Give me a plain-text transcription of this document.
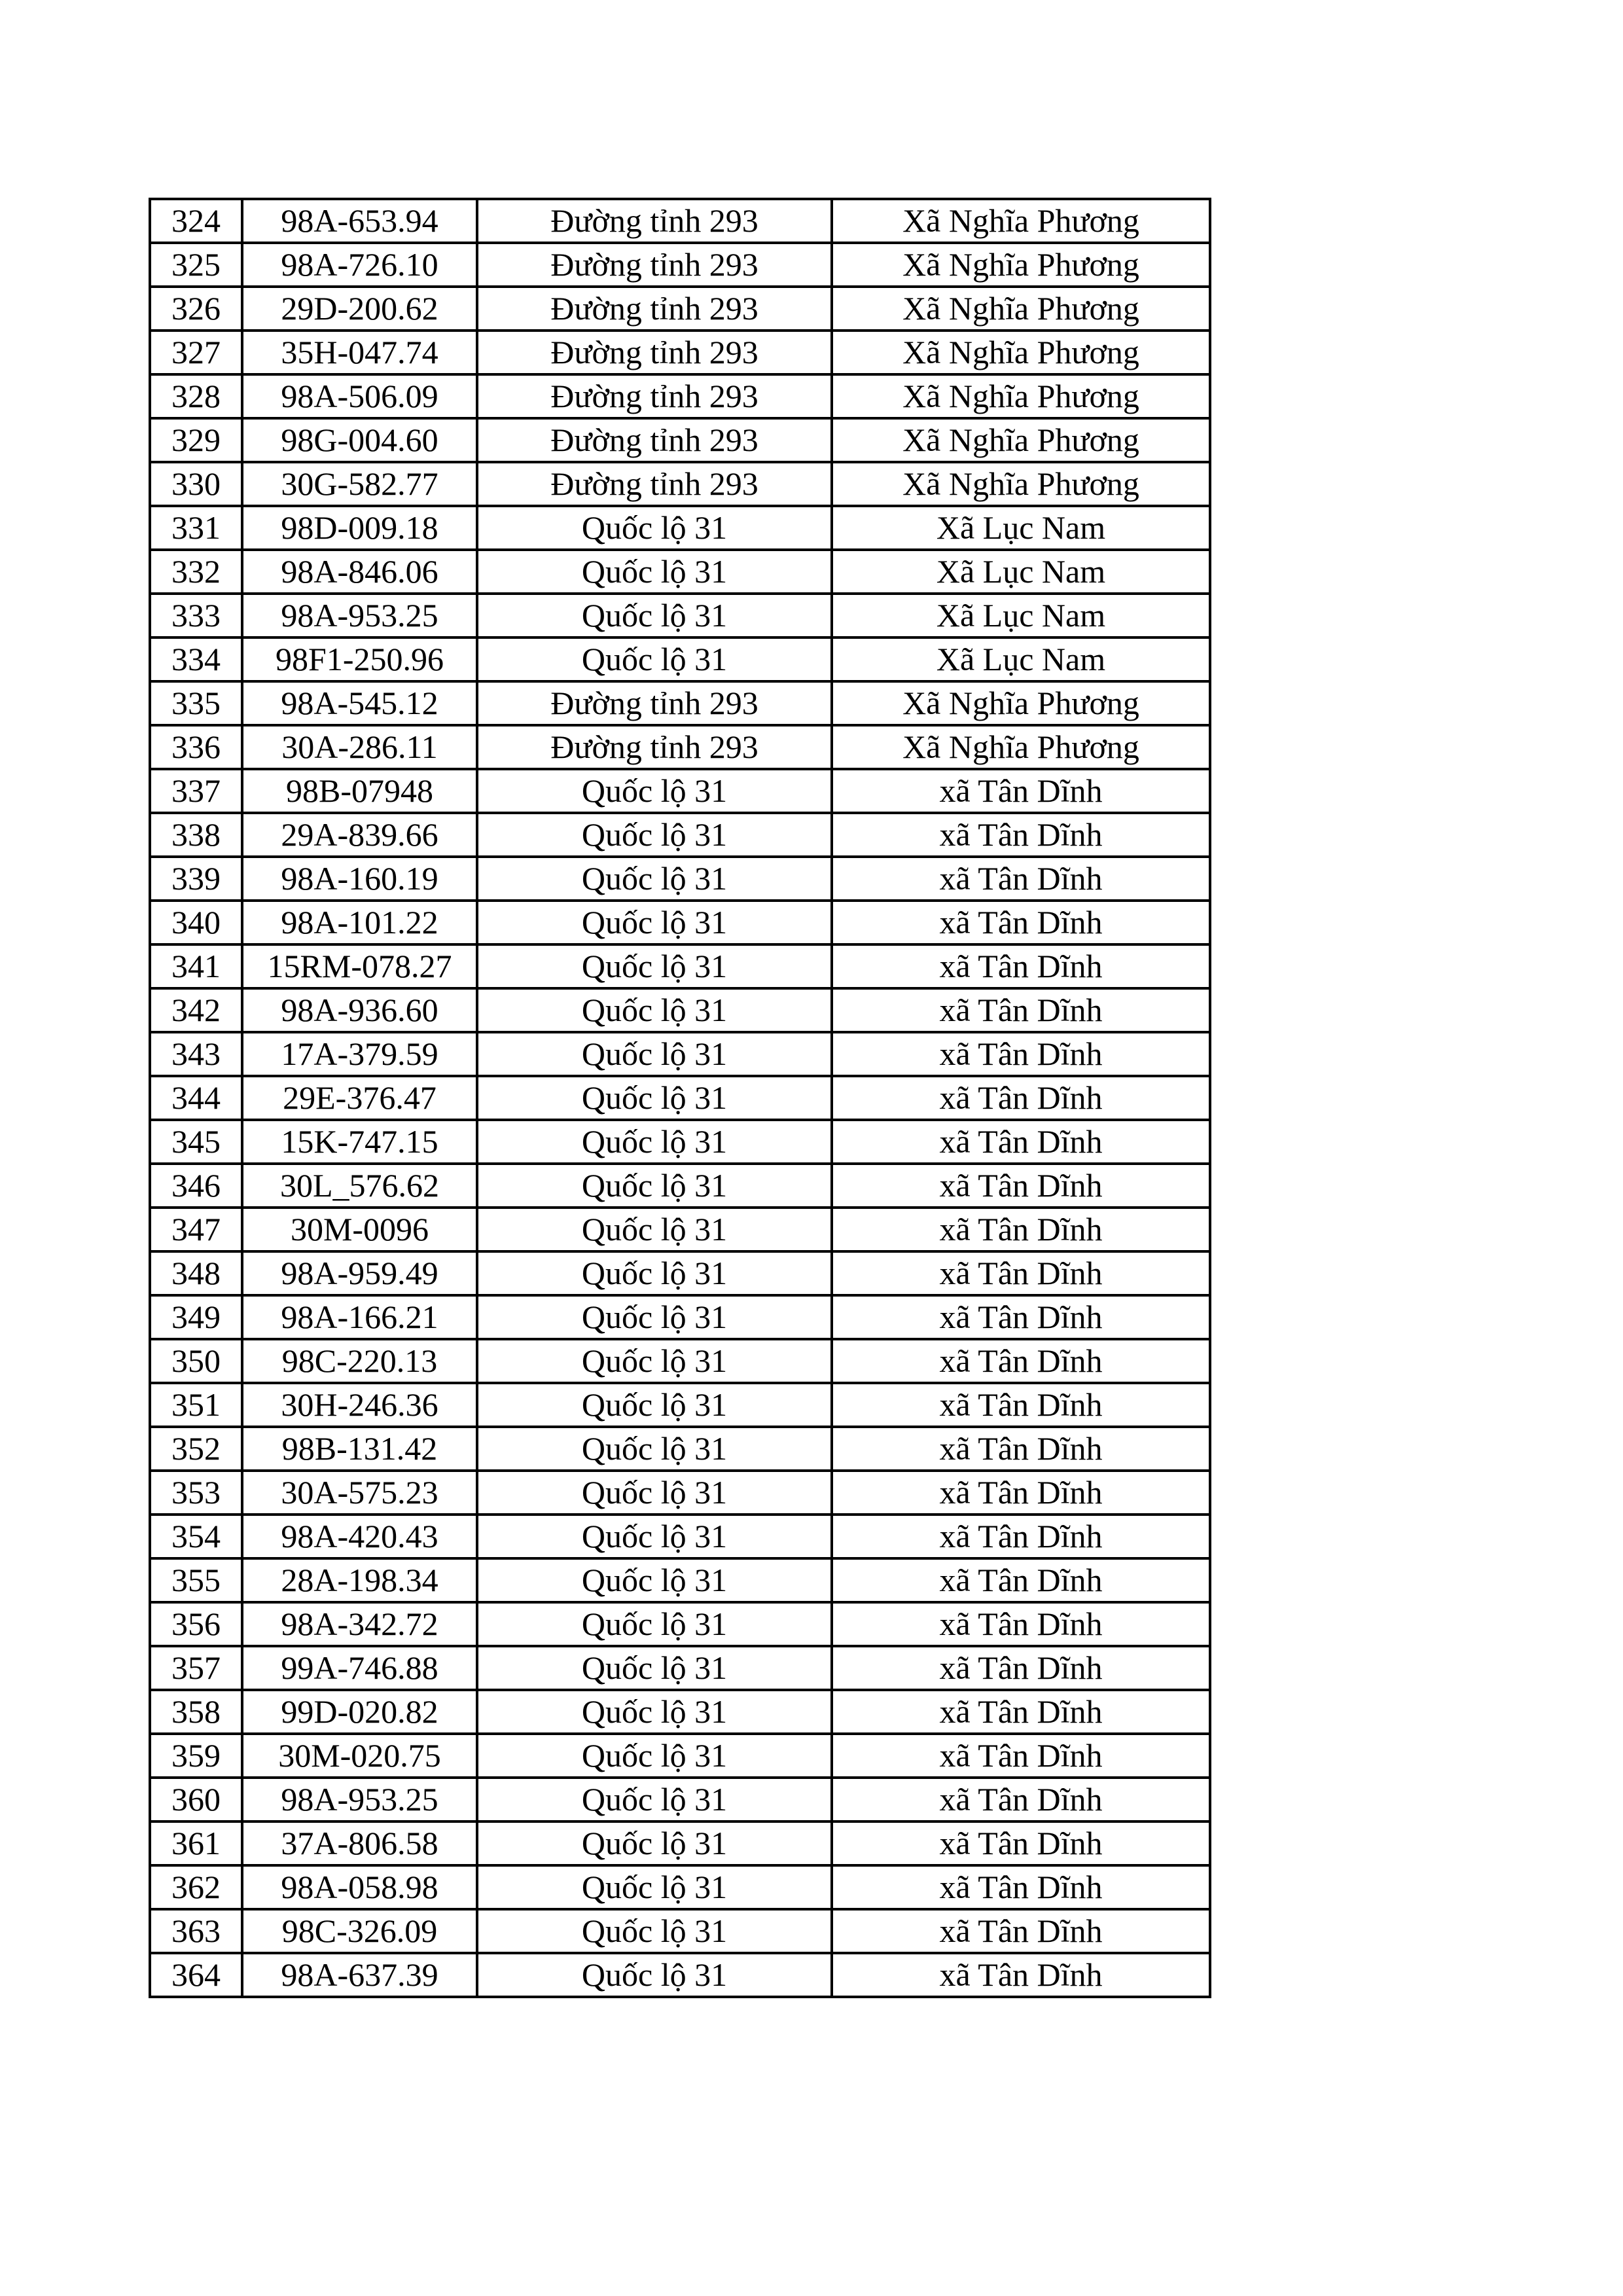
324	98A-653.94	Đường tỉnh 293	Xã Nghĩa Phương
325	98A-726.10	Đường tỉnh 293	Xã Nghĩa Phương
326	29D-200.62	Đường tỉnh 293	Xã Nghĩa Phương
327	35H-047.74	Đường tỉnh 293	Xã Nghĩa Phương
328	98A-506.09	Đường tỉnh 293	Xã Nghĩa Phương
329	98G-004.60	Đường tỉnh 293	Xã Nghĩa Phương
330	30G-582.77	Đường tỉnh 293	Xã Nghĩa Phương
331	98D-009.18	Quốc lộ 31	Xã Lục Nam
332	98A-846.06	Quốc lộ 31	Xã Lục Nam
333	98A-953.25	Quốc lộ 31	Xã Lục Nam
334	98F1-250.96	Quốc lộ 31	Xã Lục Nam
335	98A-545.12	Đường tỉnh 293	Xã Nghĩa Phương
336	30A-286.11	Đường tỉnh 293	Xã Nghĩa Phương
337	98B-07948	Quốc lộ 31	xã Tân Dĩnh
338	29A-839.66	Quốc lộ 31	xã Tân Dĩnh
339	98A-160.19	Quốc lộ 31	xã Tân Dĩnh
340	98A-101.22	Quốc lộ 31	xã Tân Dĩnh
341	15RM-078.27	Quốc lộ 31	xã Tân Dĩnh
342	98A-936.60	Quốc lộ 31	xã Tân Dĩnh
343	17A-379.59	Quốc lộ 31	xã Tân Dĩnh
344	29E-376.47	Quốc lộ 31	xã Tân Dĩnh
345	15K-747.15	Quốc lộ 31	xã Tân Dĩnh
346	30L_576.62	Quốc lộ 31	xã Tân Dĩnh
347	30M-0096	Quốc lộ 31	xã Tân Dĩnh
348	98A-959.49	Quốc lộ 31	xã Tân Dĩnh
349	98A-166.21	Quốc lộ 31	xã Tân Dĩnh
350	98C-220.13	Quốc lộ 31	xã Tân Dĩnh
351	30H-246.36	Quốc lộ 31	xã Tân Dĩnh
352	98B-131.42	Quốc lộ 31	xã Tân Dĩnh
353	30A-575.23	Quốc lộ 31	xã Tân Dĩnh
354	98A-420.43	Quốc lộ 31	xã Tân Dĩnh
355	28A-198.34	Quốc lộ 31	xã Tân Dĩnh
356	98A-342.72	Quốc lộ 31	xã Tân Dĩnh
357	99A-746.88	Quốc lộ 31	xã Tân Dĩnh
358	99D-020.82	Quốc lộ 31	xã Tân Dĩnh
359	30M-020.75	Quốc lộ 31	xã Tân Dĩnh
360	98A-953.25	Quốc lộ 31	xã Tân Dĩnh
361	37A-806.58	Quốc lộ 31	xã Tân Dĩnh
362	98A-058.98	Quốc lộ 31	xã Tân Dĩnh
363	98C-326.09	Quốc lộ 31	xã Tân Dĩnh
364	98A-637.39	Quốc lộ 31	xã Tân Dĩnh
